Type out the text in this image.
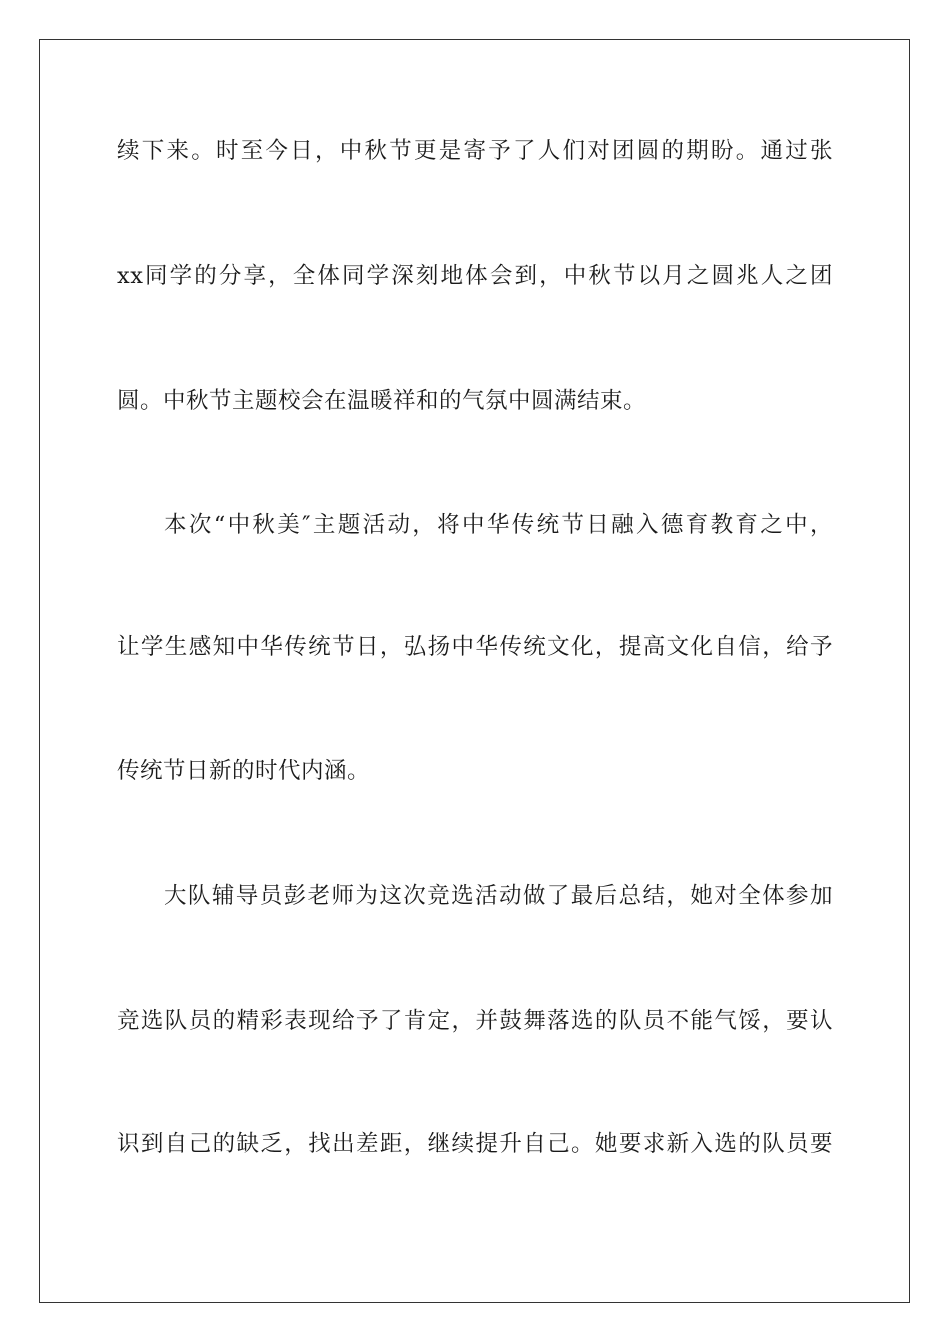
续下来。时至今日，中秋节更是寄予了人们对团圆的期盼。通过张
xx同学的分享，全体同学深刻地体会到，中秋节以月之圆兆人之团
圆。中秋节主题校会在温暖祥和的气氛中圆满结束。
本次“中秋美″主题活动，将中华传统节日融入德育教育之中，
让学生感知中华传统节日，弘扬中华传统文化，提高文化自信，给予
传统节日新的时代内涵。
大队辅导员彭老师为这次竞选活动做了最后总结，她对全体参加
竞选队员的精彩表现给予了肯定，并鼓舞落选的队员不能气馁，要认
识到自己的缺乏，找出差距，继续提升自己。她要求新入选的队员要
